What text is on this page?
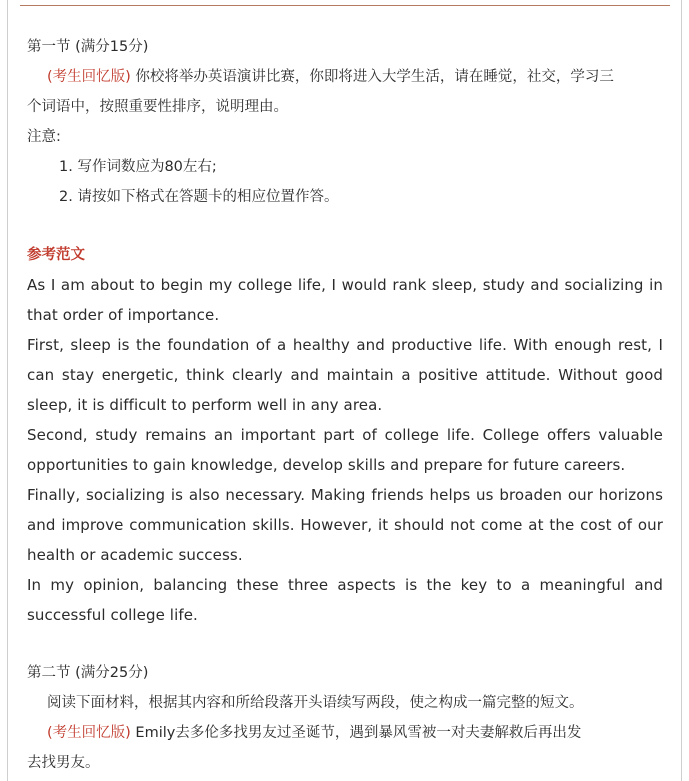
第一节 (满分15分)
(考生回忆版) 你校将举办英语演讲比赛，你即将进入大学生活，请在睡觉，社交，学习三
个词语中，按照重要性排序，说明理由。
注意:
1. 写作词数应为80左右;
2. 请按如下格式在答题卡的相应位置作答。
参考范文
As I am about to begin my college life, I would rank sleep, study and socializing in
that order of importance.
First, sleep is the foundation of a healthy and productive life. With enough rest, I
can stay energetic, think clearly and maintain a positive attitude. Without good
sleep, it is difficult to perform well in any area.
Second, study remains an important part of college life. College offers valuable
opportunities to gain knowledge, develop skills and prepare for future careers.
Finally, socializing is also necessary. Making friends helps us broaden our horizons
and improve communication skills. However, it should not come at the cost of our
health or academic success.
In my opinion, balancing these three aspects is the key to a meaningful and
successful college life.
第二节 (满分25分)
阅读下面材料，根据其内容和所给段落开头语续写两段，使之构成一篇完整的短文。
(考生回忆版) Emily去多伦多找男友过圣诞节，遇到暴风雪被一对夫妻解救后再出发
去找男友。
